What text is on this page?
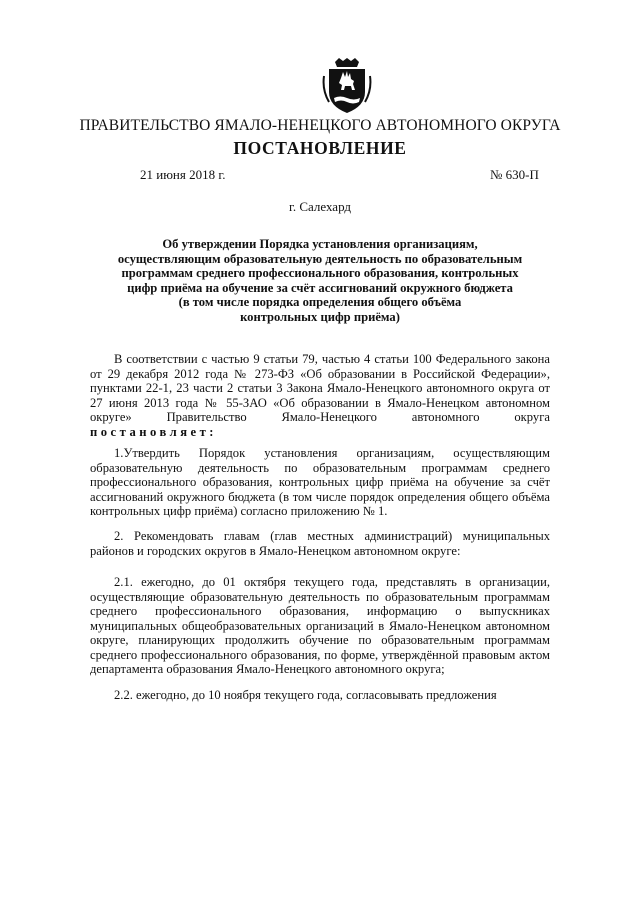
ПРАВИТЕЛЬСТВО ЯМАЛО-НЕНЕЦКОГО АВТОНОМНОГО ОКРУГА
ПОСТАНОВЛЕНИЕ
21 июня 2018 г.	№ 630-П
г. Салехард
Об утверждении Порядка установления организациям,
осуществляющим образовательную деятельность по образовательным
программам среднего профессионального образования, контрольных
цифр приёма на обучение за счёт ассигнований окружного бюджета
(в том числе порядка определения общего объёма
контрольных цифр приёма)

В соответствии с частью 9 статьи 79, частью 4 статьи 100 Федерального закона от 29 декабря 2012 года № 273-ФЗ «Об образовании в Российской Федерации», пунктами 22-1, 23 части 2 статьи 3 Закона Ямало-Ненецкого автономного округа от 27 июня 2013 года № 55-ЗАО «Об образовании в Ямало-Ненецком автономном округе» Правительство Ямало-Ненецкого автономного округа постановляет:

1.Утвердить Порядок установления организациям, осуществляющим образовательную деятельность по образовательным программам среднего профессионального образования, контрольных цифр приёма на обучение за счёт ассигнований окружного бюджета (в том числе порядок определения общего объёма контрольных цифр приёма) согласно приложению № 1.

2. Рекомендовать главам (глав местных администраций) муниципальных районов и городских округов в Ямало-Ненецком автономном округе:

2.1. ежегодно, до 01 октября текущего года, представлять в организации, осуществляющие образовательную деятельность по образовательным программам среднего профессионального образования, информацию о выпускниках муниципальных общеобразовательных организаций в Ямало-Ненецком автономном округе, планирующих продолжить обучение по образовательным программам среднего профессионального образования, по форме, утверждённой правовым актом департамента образования Ямало-Ненецкого автономного округа;

2.2. ежегодно, до 10 ноября текущего года, согласовывать предложения
